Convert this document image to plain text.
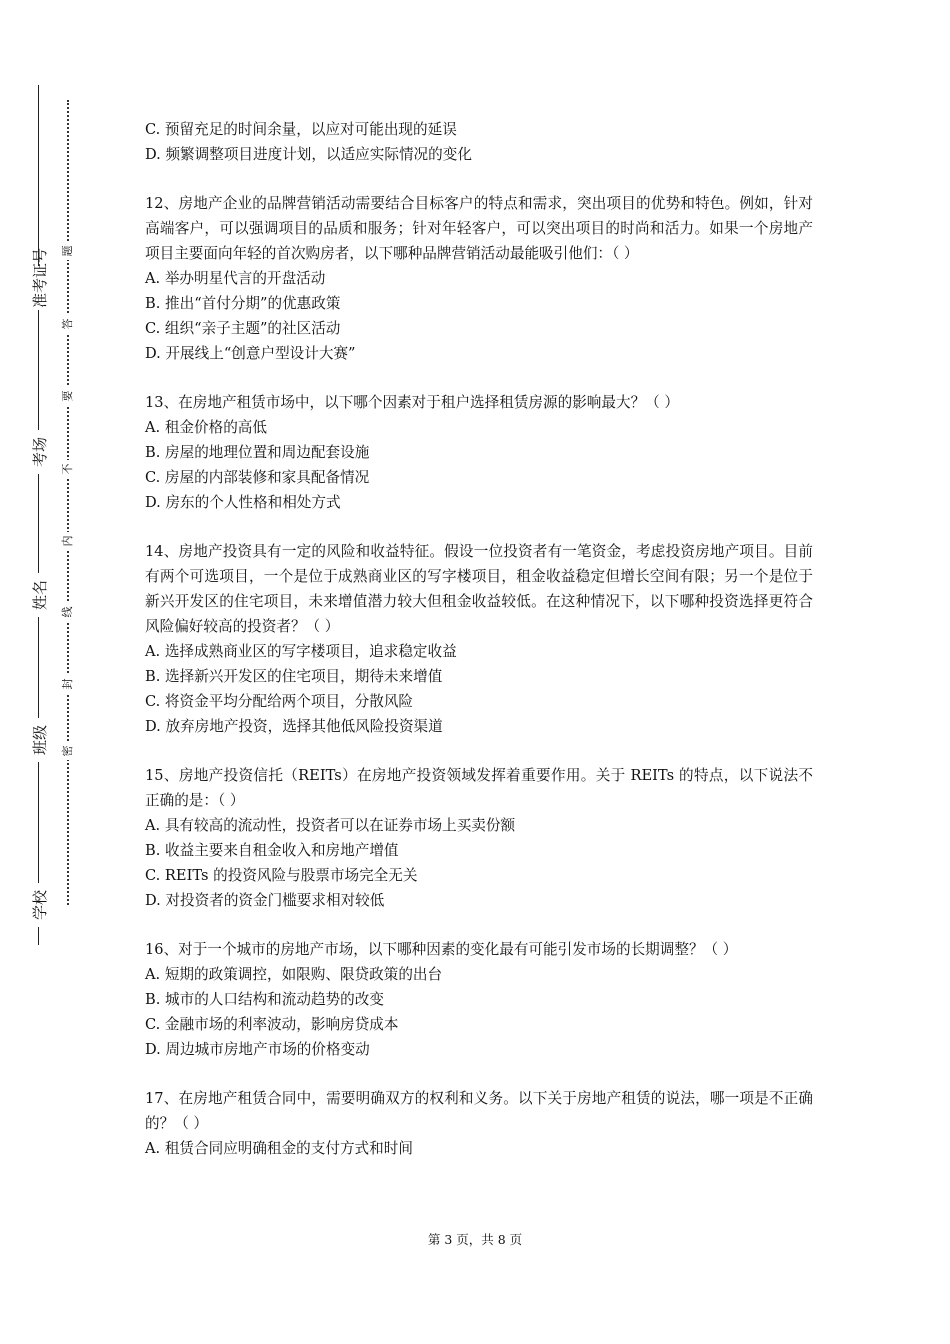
准考证号
考场
姓名
班级
学校
题
答
要
不
内
线
封
密
C. 预留充足的时间余量，以应对可能出现的延误
D. 频繁调整项目进度计划，以适应实际情况的变化

12、房地产企业的品牌营销活动需要结合目标客户的特点和需求，突出项目的优势和特色。例如，针对高端客户，可以强调项目的品质和服务；针对年轻客户，可以突出项目的时尚和活力。如果一个房地产项目主要面向年轻的首次购房者，以下哪种品牌营销活动最能吸引他们：（ ）

A. 举办明星代言的开盘活动
B. 推出“首付分期”的优惠政策
C. 组织“亲子主题”的社区活动
D. 开展线上“创意户型设计大赛”

13、在房地产租赁市场中，以下哪个因素对于租户选择租赁房源的影响最大？（ ）

A. 租金价格的高低
B. 房屋的地理位置和周边配套设施
C. 房屋的内部装修和家具配备情况
D. 房东的个人性格和相处方式

14、房地产投资具有一定的风险和收益特征。假设一位投资者有一笔资金，考虑投资房地产项目。目前有两个可选项目，一个是位于成熟商业区的写字楼项目，租金收益稳定但增长空间有限；另一个是位于新兴开发区的住宅项目，未来增值潜力较大但租金收益较低。在这种情况下，以下哪种投资选择更符合风险偏好较高的投资者？（ ）

A. 选择成熟商业区的写字楼项目，追求稳定收益
B. 选择新兴开发区的住宅项目，期待未来增值
C. 将资金平均分配给两个项目，分散风险
D. 放弃房地产投资，选择其他低风险投资渠道

15、房地产投资信托（REITs）在房地产投资领域发挥着重要作用。关于 REITs 的特点，以下说法不正确的是：（ ）

A. 具有较高的流动性，投资者可以在证券市场上买卖份额
B. 收益主要来自租金收入和房地产增值
C. REITs 的投资风险与股票市场完全无关
D. 对投资者的资金门槛要求相对较低

16、对于一个城市的房地产市场，以下哪种因素的变化最有可能引发市场的长期调整？（ ）

A. 短期的政策调控，如限购、限贷政策的出台
B. 城市的人口结构和流动趋势的改变
C. 金融市场的利率波动，影响房贷成本
D. 周边城市房地产市场的价格变动

17、在房地产租赁合同中，需要明确双方的权利和义务。以下关于房地产租赁的说法，哪一项是不正确的？（ ）

A. 租赁合同应明确租金的支付方式和时间
第 3 页，共 8 页
